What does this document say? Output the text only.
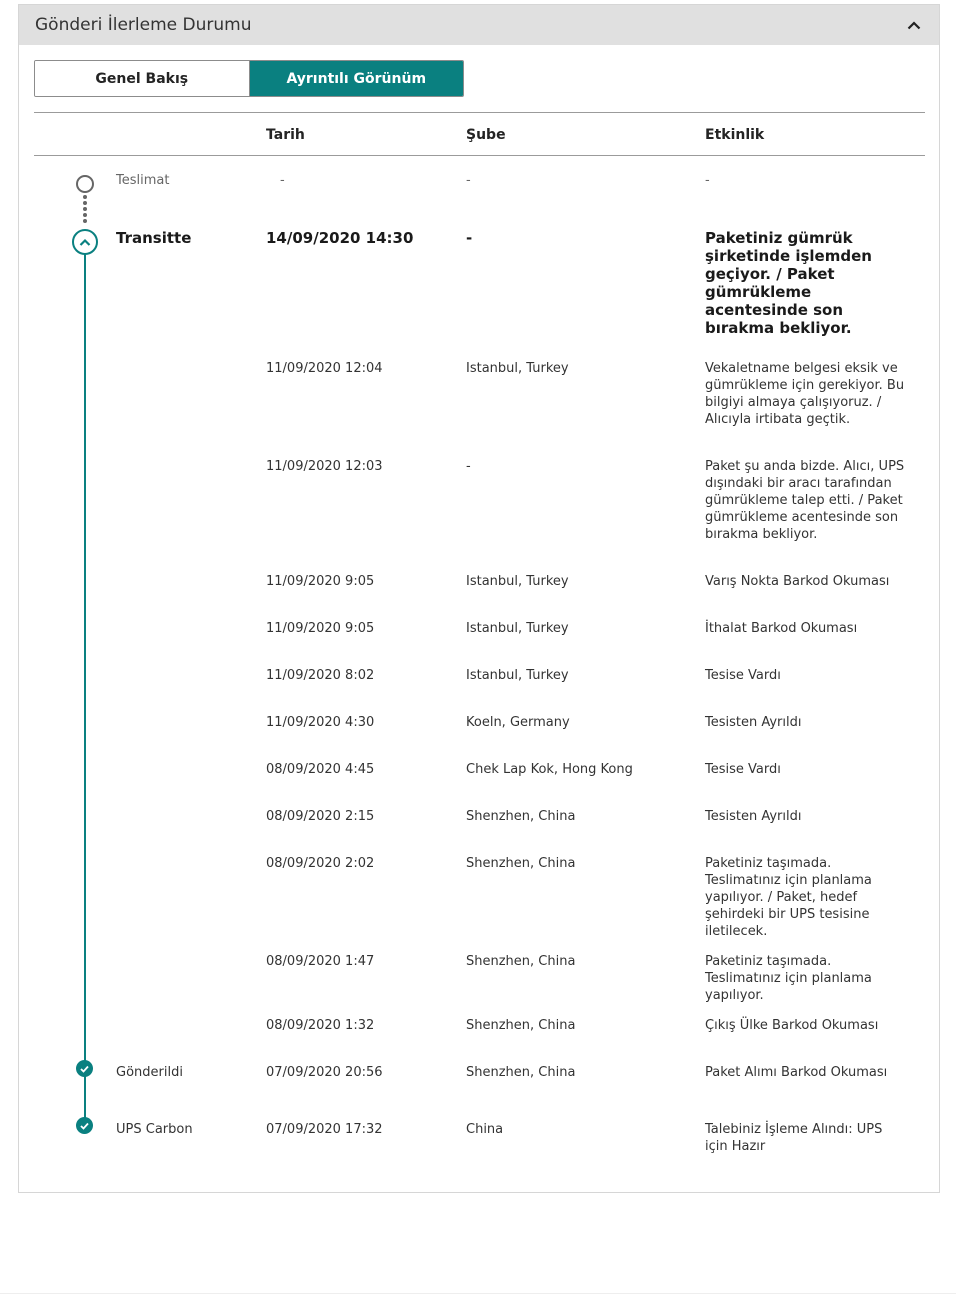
Gönderi İlerleme Durumu
Genel Bakış	Ayrıntılı Görünüm
Tarih	Şube	Etkinlik
Teslimat	-	-	-
Transitte	14/09/2020 14:30	-	Paketiniz gümrük şirketinde işlemden geçiyor. / Paket gümrükleme acentesinde son bırakma bekliyor.
11/09/2020 12:04	Istanbul, Turkey	Vekaletname belgesi eksik ve gümrükleme için gerekiyor. Bu bilgiyi almaya çalışıyoruz. / Alıcıyla irtibata geçtik.
11/09/2020 12:03	-	Paket şu anda bizde. Alıcı, UPS dışındaki bir aracı tarafından gümrükleme talep etti. / Paket gümrükleme acentesinde son bırakma bekliyor.
11/09/2020 9:05	Istanbul, Turkey	Varış Nokta Barkod Okuması
11/09/2020 9:05	Istanbul, Turkey	İthalat Barkod Okuması
11/09/2020 8:02	Istanbul, Turkey	Tesise Vardı
11/09/2020 4:30	Koeln, Germany	Tesisten Ayrıldı
08/09/2020 4:45	Chek Lap Kok, Hong Kong	Tesise Vardı
08/09/2020 2:15	Shenzhen, China	Tesisten Ayrıldı
08/09/2020 2:02	Shenzhen, China	Paketiniz taşımada. Teslimatınız için planlama yapılıyor. / Paket, hedef şehirdeki bir UPS tesisine iletilecek.
08/09/2020 1:47	Shenzhen, China	Paketiniz taşımada. Teslimatınız için planlama yapılıyor.
08/09/2020 1:32	Shenzhen, China	Çıkış Ülke Barkod Okuması
Gönderildi	07/09/2020 20:56	Shenzhen, China	Paket Alımı Barkod Okuması
UPS Carbon	07/09/2020 17:32	China	Talebiniz İşleme Alındı: UPS için Hazır
